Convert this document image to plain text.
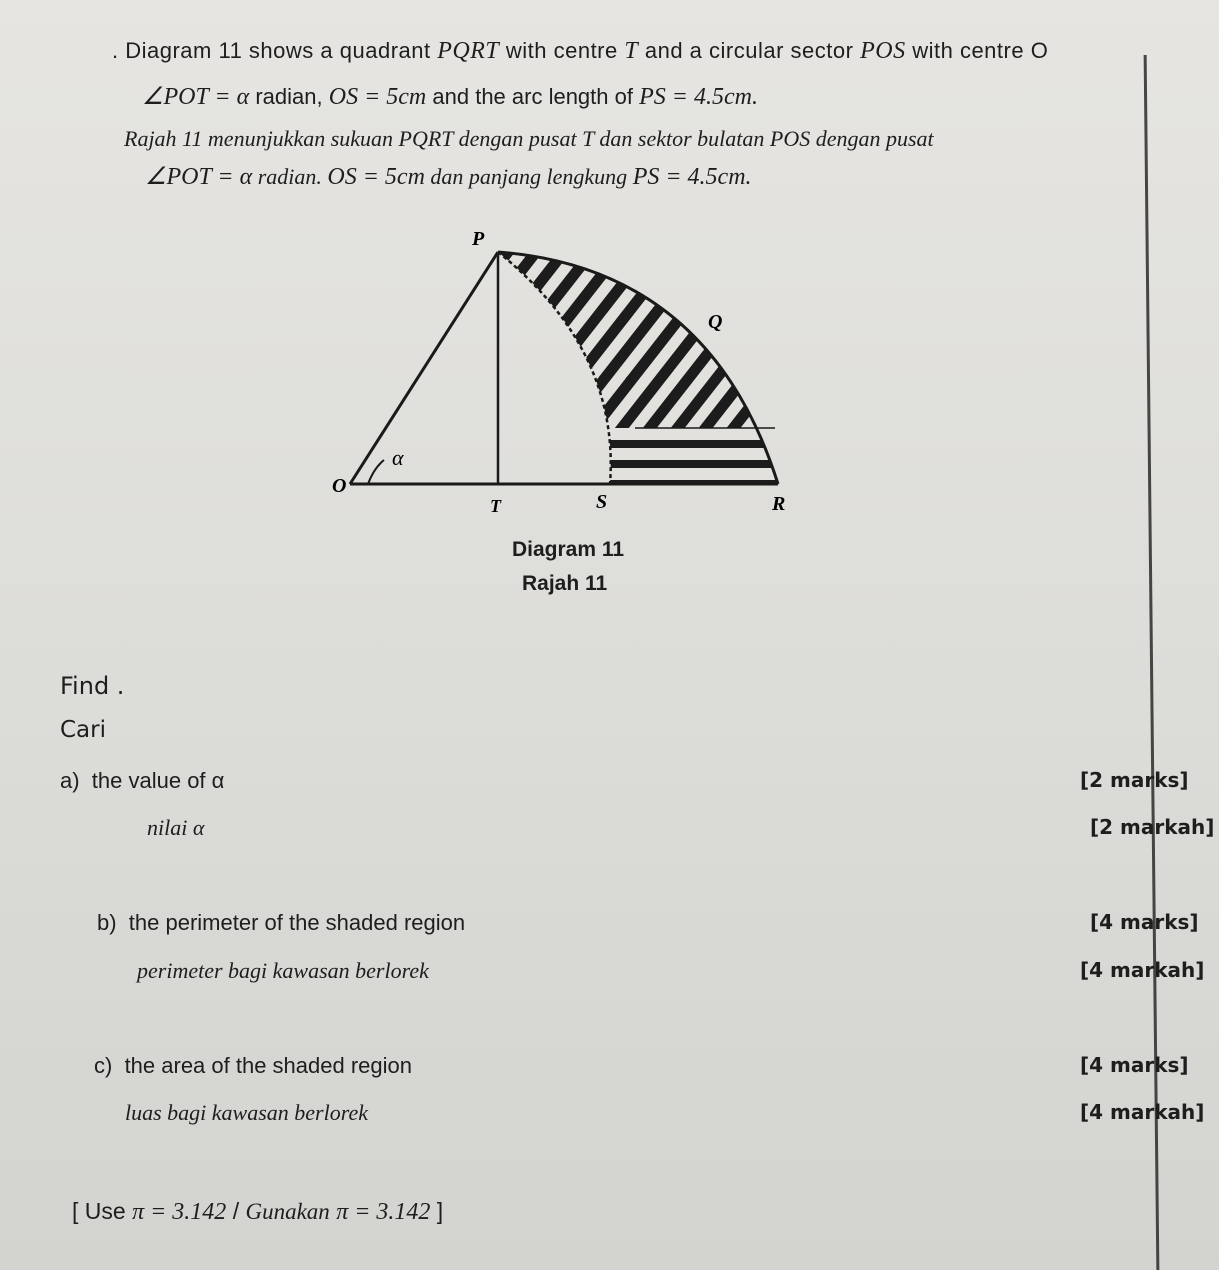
. Diagram 11 shows a quadrant PQRT with centre T and a circular sector POS with centre O
∠POT = α radian, OS = 5cm and the arc length of PS = 4.5cm.
Rajah 11 menunjukkan sukuan PQRT dengan pusat T dan sektor bulatan POS dengan pusat
∠POT = α radian. OS = 5cm dan panjang lengkung PS = 4.5cm.
P
Q
O
T	S	R
α
Diagram 11
Rajah 11
Find .
Cari
a) the value of α	[2 marks]
nilai α	[2 markah]
b) the perimeter of the shaded region	[4 marks]
perimeter bagi kawasan berlorek	[4 markah]
c) the area of the shaded region	[4 marks]
luas bagi kawasan berlorek	[4 markah]
[ Use π = 3.142 / Gunakan π = 3.142 ]
